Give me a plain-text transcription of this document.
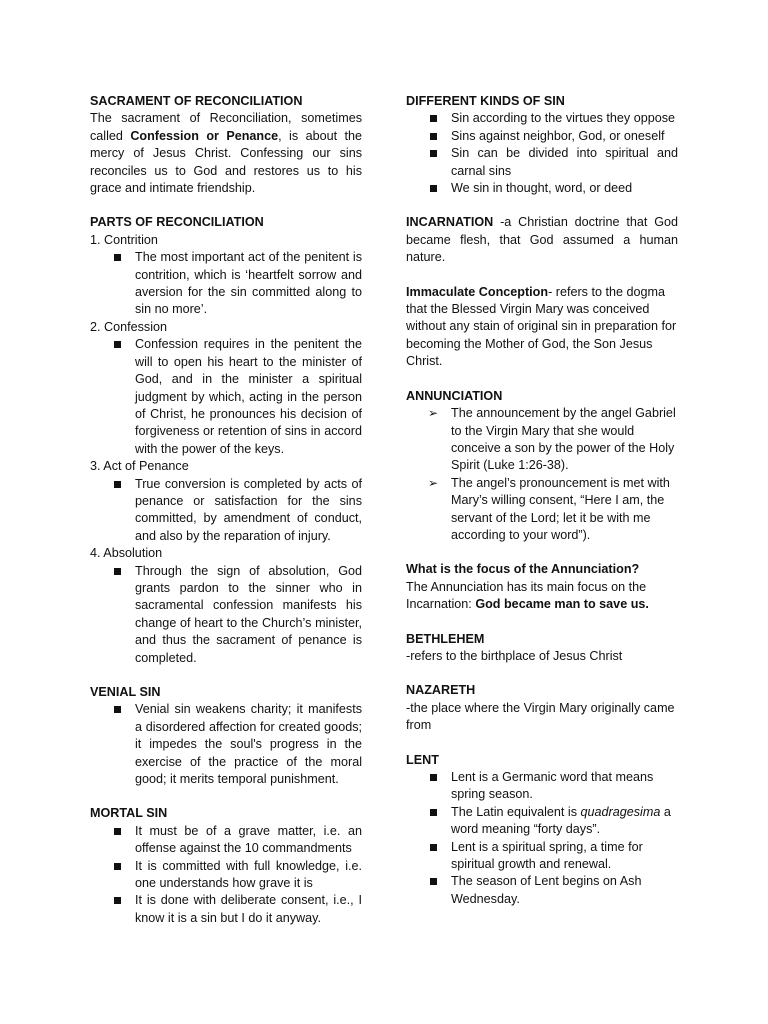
SACRAMENT OF RECONCILIATION
The sacrament of Reconciliation, sometimes called Confession or Penance, is about the mercy of Jesus Christ. Confessing our sins reconciles us to God and restores us to his grace and intimate friendship.
PARTS OF RECONCILIATION
1. Contrition
The most important act of the penitent is contrition, which is ‘heartfelt sorrow and aversion for the sin committed along to sin no more’.
2. Confession
Confession requires in the penitent the will to open his heart to the minister of God, and in the minister a spiritual judgment by which, acting in the person of Christ, he pronounces his decision of forgiveness or retention of sins in accord with the power of the keys.
3. Act of Penance
True conversion is completed by acts of penance or satisfaction for the sins committed, by amendment of conduct, and also by the reparation of injury.
4. Absolution
Through the sign of absolution, God grants pardon to the sinner who in sacramental confession manifests his change of heart to the Church’s minister, and thus the sacrament of penance is completed.
VENIAL SIN
Venial sin weakens charity; it manifests a disordered affection for created goods; it impedes the soul's progress in the exercise of the practice of the moral good; it merits temporal punishment.
MORTAL SIN
It must be of a grave matter, i.e. an offense against the 10 commandments
It is committed with full knowledge, i.e. one understands how grave it is
It is done with deliberate consent, i.e., I know it is a sin but I do it anyway.
DIFFERENT KINDS OF SIN
Sin according to the virtues they oppose
Sins against neighbor, God, or oneself
Sin can be divided into spiritual and carnal sins
We sin in thought, word, or deed
INCARNATION -a Christian doctrine that God became flesh, that God assumed a human nature.
Immaculate Conception- refers to the dogma that the Blessed Virgin Mary was conceived without any stain of original sin in preparation for becoming the Mother of God, the Son Jesus Christ.
ANNUNCIATION
➢ The announcement by the angel Gabriel to the Virgin Mary that she would conceive a son by the power of the Holy Spirit (Luke 1:26-38).
➢ The angel’s pronouncement is met with Mary’s willing consent, “Here I am, the servant of the Lord; let it be with me according to your word”).
What is the focus of the Annunciation?
The Annunciation has its main focus on the Incarnation: God became man to save us.
BETHLEHEM
-refers to the birthplace of Jesus Christ
NAZARETH
-the place where the Virgin Mary originally came from
LENT
Lent is a Germanic word that means spring season.
The Latin equivalent is quadragesima a word meaning “forty days”.
Lent is a spiritual spring, a time for spiritual growth and renewal.
The season of Lent begins on Ash Wednesday.
